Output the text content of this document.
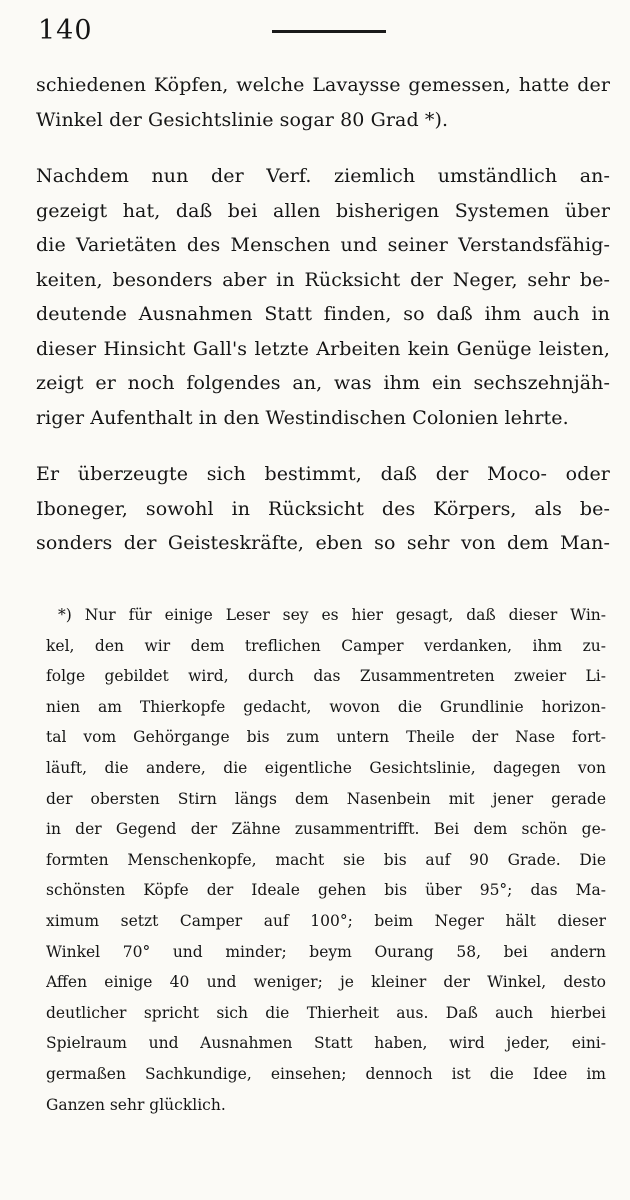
140

schiedenen Köpfen, welche Lavaysse gemessen, hatte der
Winkel der Gesichtslinie sogar 80 Grad *).

Nachdem nun der Verf. ziemlich umständlich an-
gezeigt hat, daß bei allen bisherigen Systemen über
die Varietäten des Menschen und seiner Verstandsfähig-
keiten, besonders aber in Rücksicht der Neger, sehr be-
deutende Ausnahmen Statt finden, so daß ihm auch in
dieser Hinsicht Gall's letzte Arbeiten kein Genüge leisten,
zeigt er noch folgendes an, was ihm ein sechszehnjäh-
riger Aufenthalt in den Westindischen Colonien lehrte.

Er überzeugte sich bestimmt, daß der Moco- oder
Iboneger, sowohl in Rücksicht des Körpers, als be-
sonders der Geisteskräfte, eben so sehr von dem Man-

*) Nur für einige Leser sey es hier gesagt, daß dieser Win-
kel, den wir dem treflichen Camper verdanken, ihm zu-
folge gebildet wird, durch das Zusammentreten zweier Li-
nien am Thierkopfe gedacht, wovon die Grundlinie horizon-
tal vom Gehörgange bis zum untern Theile der Nase fort-
läuft, die andere, die eigentliche Gesichtslinie, dagegen von
der obersten Stirn längs dem Nasenbein mit jener gerade
in der Gegend der Zähne zusammentrifft. Bei dem schön ge-
formten Menschenkopfe, macht sie bis auf 90 Grade. Die
schönsten Köpfe der Ideale gehen bis über 95°; das Ma-
ximum setzt Camper auf 100°; beim Neger hält dieser
Winkel 70° und minder; beym Ourang 58, bei andern
Affen einige 40 und weniger; je kleiner der Winkel, desto
deutlicher spricht sich die Thierheit aus. Daß auch hierbei
Spielraum und Ausnahmen Statt haben, wird jeder, eini-
germaßen Sachkundige, einsehen; dennoch ist die Idee im
Ganzen sehr glücklich.
